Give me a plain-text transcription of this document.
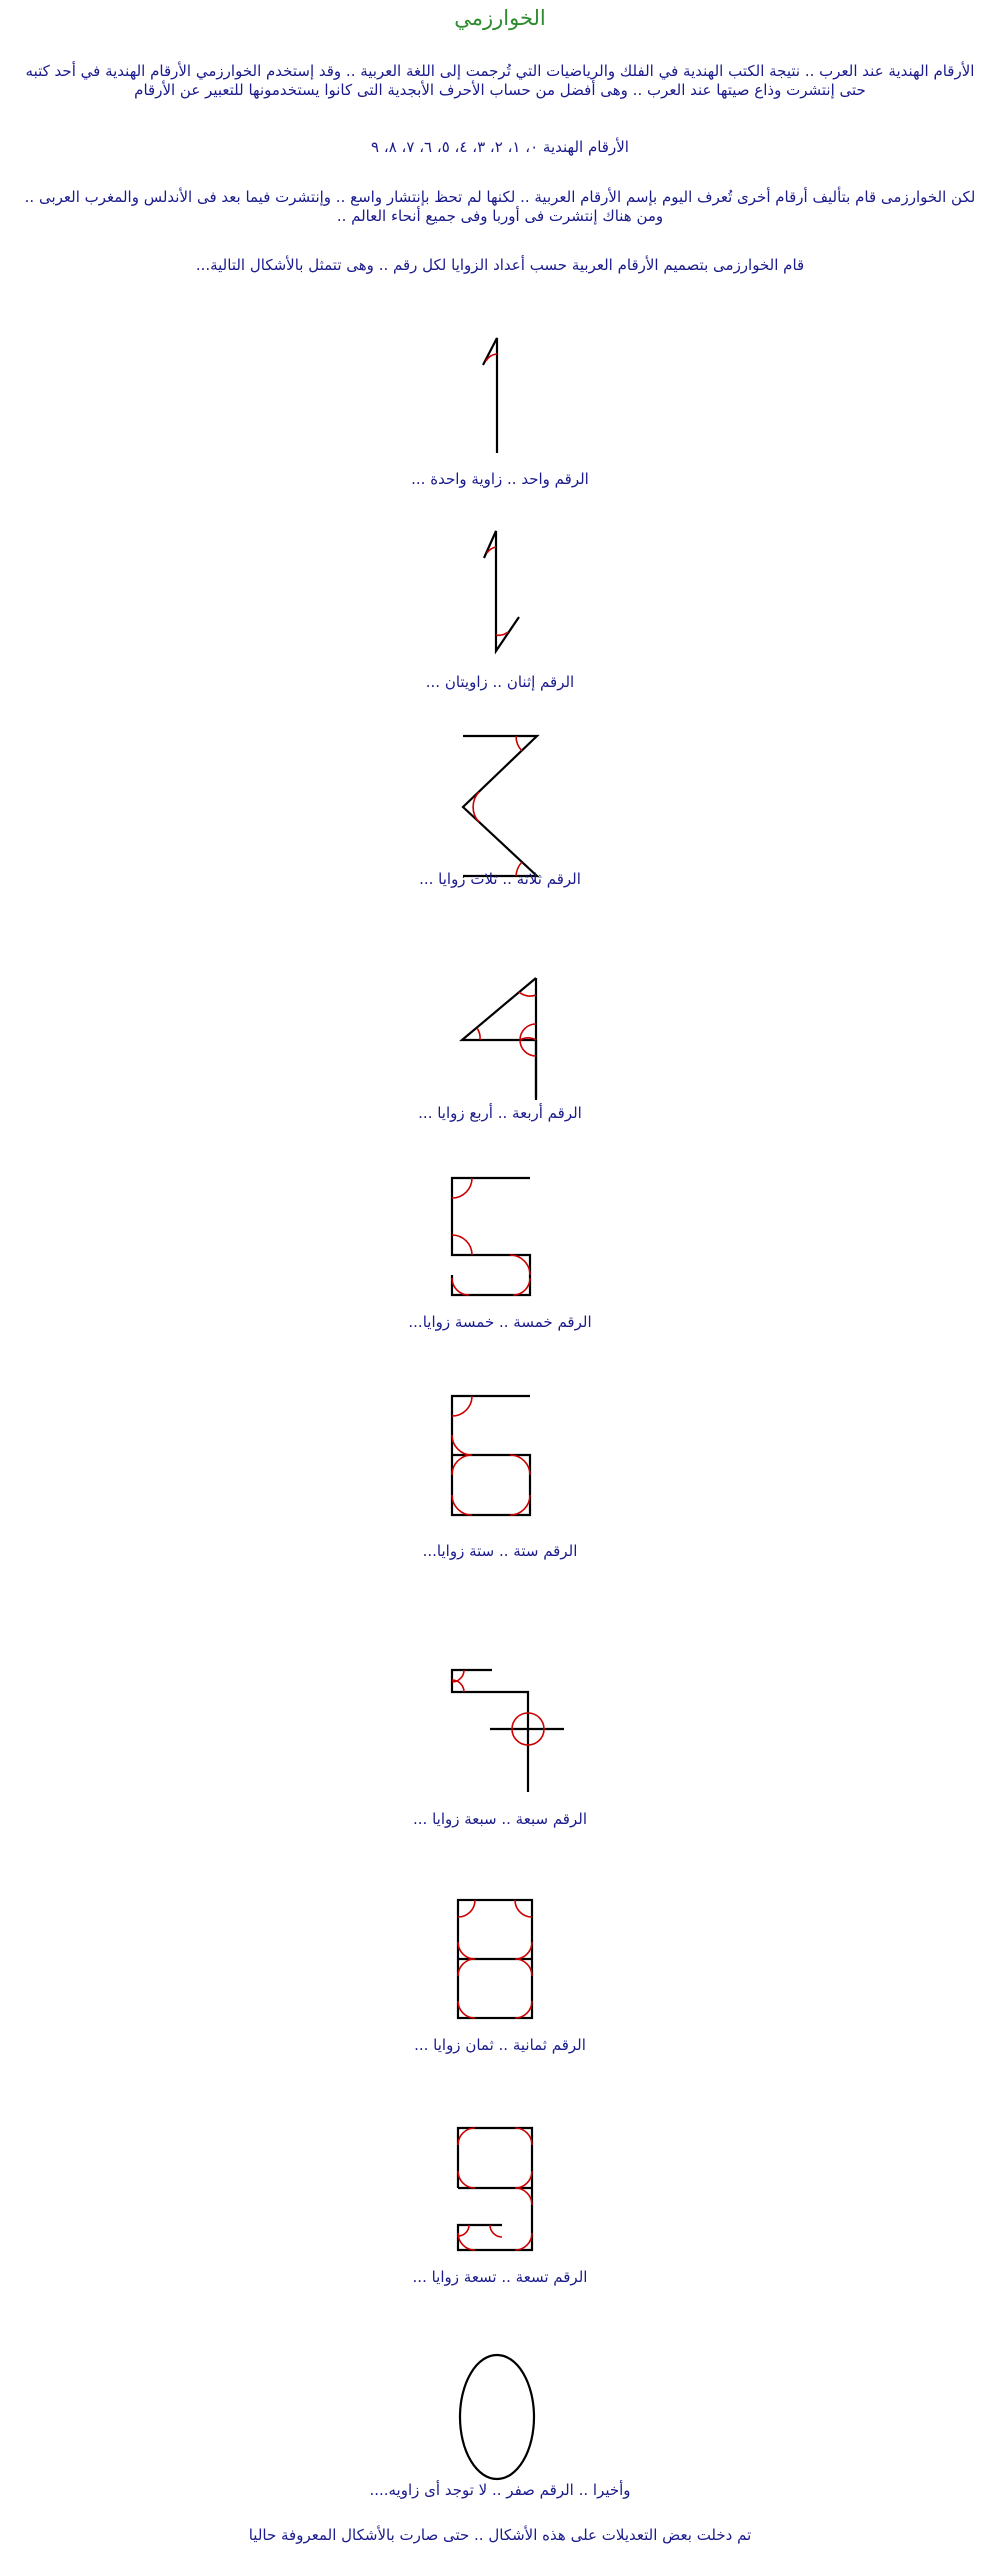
الخوارزمي
الأرقام الهندية عند العرب .. نتيجة الكتب الهندية في الفلك والرياضيات التي تُرجمت إلى اللغة العربية .. وقد إستخدم الخوارزمي الأرقام الهندية في أحد كتبه حتى إنتشرت وذاع صيتها عند العرب .. وهى أفضل من حساب الأحرف الأبجدية التى كانوا يستخدمونها للتعبير عن الأرقام
الأرقام الهندية ٠، ١، ٢، ٣، ٤، ٥، ٦، ٧، ٨، ٩
لكن الخوارزمى قام بتأليف أرقام أخرى تُعرف اليوم بإسم الأرقام العربية .. لكنها لم تحظ بإنتشار واسع .. وإنتشرت فيما بعد فى الأندلس والمغرب العربى .. ومن هناك إنتشرت فى أوربا وفى جميع أنحاء العالم ..
قام الخوارزمى بتصميم الأرقام العربية حسب أعداد الزوايا لكل رقم .. وهى تتمثل بالأشكال التالية...
الرقم واحد .. زاوية واحدة ...
الرقم إثنان .. زاويتان ...
الرقم ثلاثة .. ثلاث زوايا ...
الرقم أربعة .. أربع زوايا ...
الرقم خمسة .. خمسة زوايا...
الرقم ستة .. ستة زوايا...
الرقم سبعة .. سبعة زوايا ...
الرقم ثمانية .. ثمان زوايا ...
الرقم تسعة .. تسعة زوايا ...
وأخيرا .. الرقم صفر .. لا توجد أى زاويه....
تم دخلت بعض التعديلات على هذه الأشكال .. حتى صارت بالأشكال المعروفة حاليا
